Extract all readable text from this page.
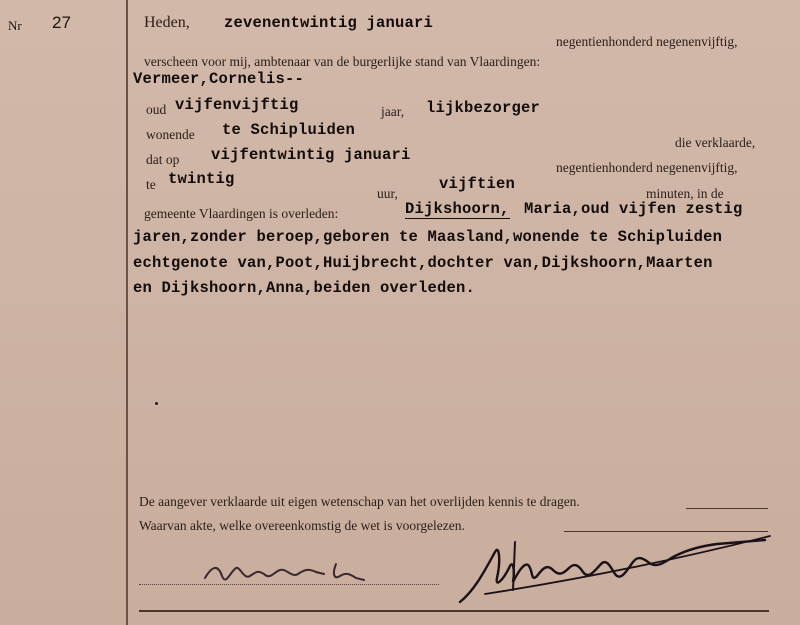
Nr 27	Heden, zevenentwintig januari
negentienhonderd negenenvijftig,
verscheen voor mij, ambtenaar van de burgerlijke stand van Vlaardingen:
Vermeer,Cornelis--
oud vijfenvijftig	jaar, lijkbezorger
wonende te Schipluiden
die verklaarde,
dat op vijfentwintig januari
negentienhonderd negenenvijftig,
te twintig
uur,
vijftien
minuten, in de
gemeente Vlaardingen is overleden:	Dijkshoorn, Maria,oud vijfen zestig
jaren,zonder beroep,geboren te Maasland,wonende te Schipluiden
echtgenote van,Poot,Huijbrecht,dochter van,Dijkshoorn,Maarten
en Dijkshoorn,Anna,beiden overleden.
De aangever verklaarde uit eigen wetenschap van het overlijden kennis te dragen.
Waarvan akte, welke overeenkomstig de wet is voorgelezen.
